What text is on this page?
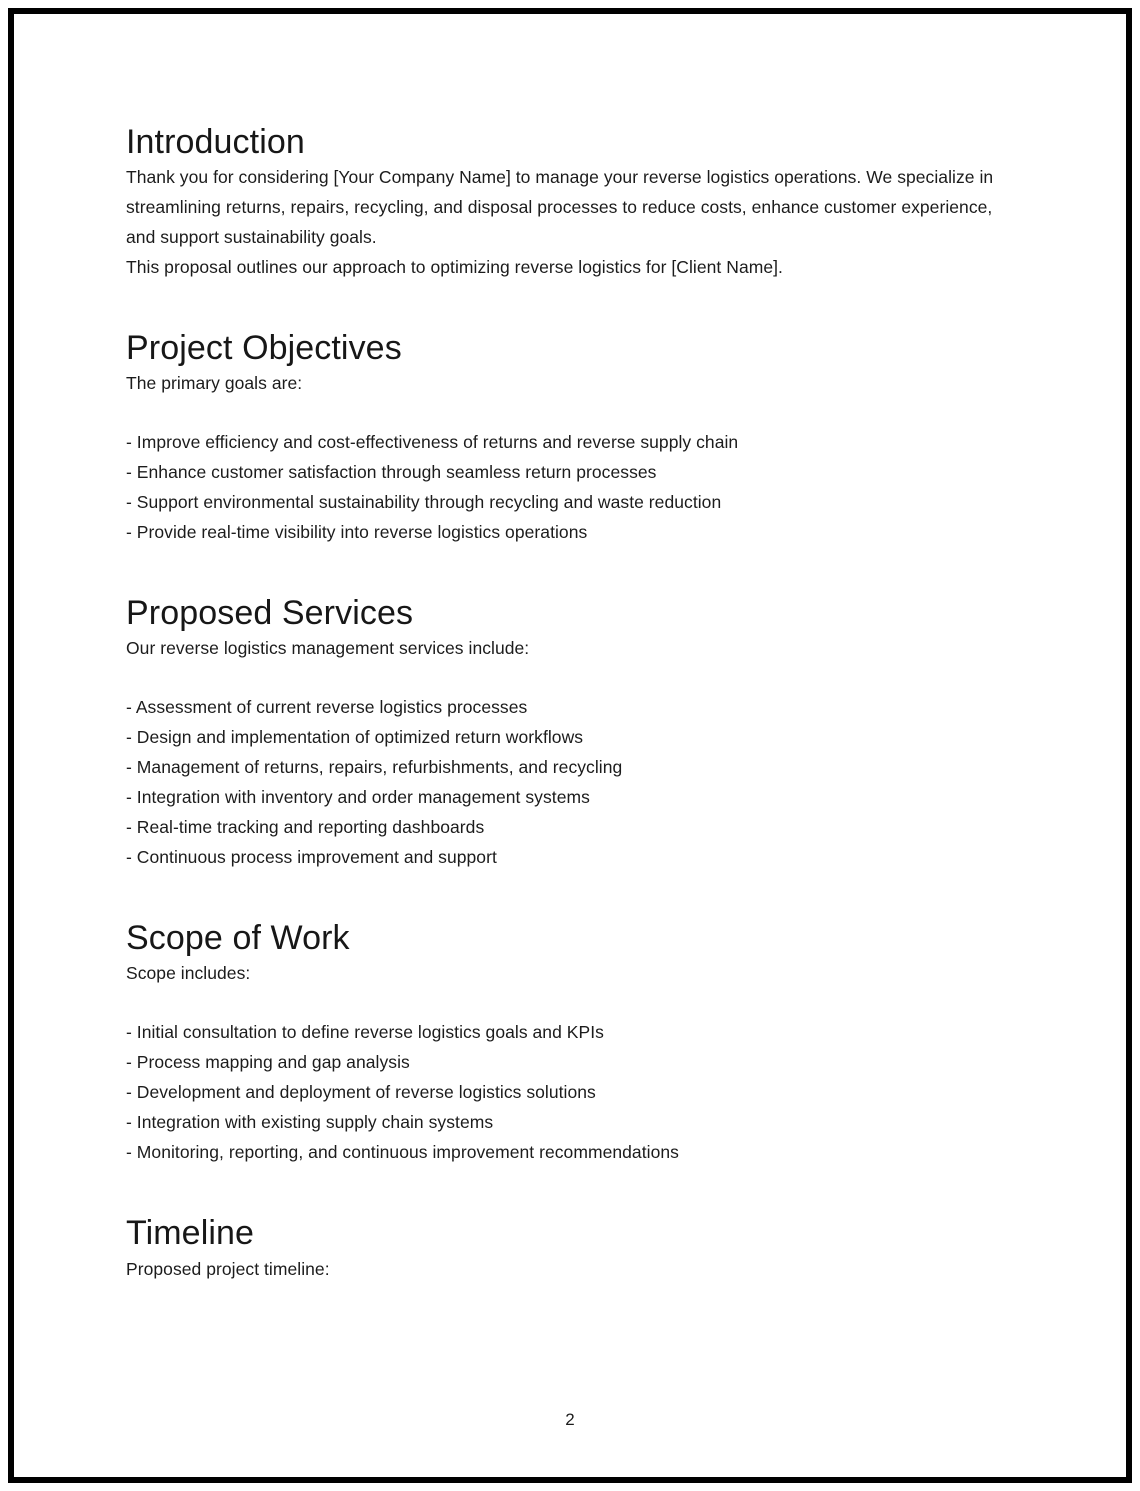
Introduction

Thank you for considering [Your Company Name] to manage your reverse logistics operations. We specialize in streamlining returns, repairs, recycling, and disposal processes to reduce costs, enhance customer experience, and support sustainability goals.

This proposal outlines our approach to optimizing reverse logistics for [Client Name].

Project Objectives

The primary goals are:

- Improve efficiency and cost-effectiveness of returns and reverse supply chain
- Enhance customer satisfaction through seamless return processes
- Support environmental sustainability through recycling and waste reduction
- Provide real-time visibility into reverse logistics operations
Proposed Services

Our reverse logistics management services include:

- Assessment of current reverse logistics processes
- Design and implementation of optimized return workflows
- Management of returns, repairs, refurbishments, and recycling
- Integration with inventory and order management systems
- Real-time tracking and reporting dashboards
- Continuous process improvement and support
Scope of Work

Scope includes:

- Initial consultation to define reverse logistics goals and KPIs
- Process mapping and gap analysis
- Development and deployment of reverse logistics solutions
- Integration with existing supply chain systems
- Monitoring, reporting, and continuous improvement recommendations
Timeline

Proposed project timeline:

2
